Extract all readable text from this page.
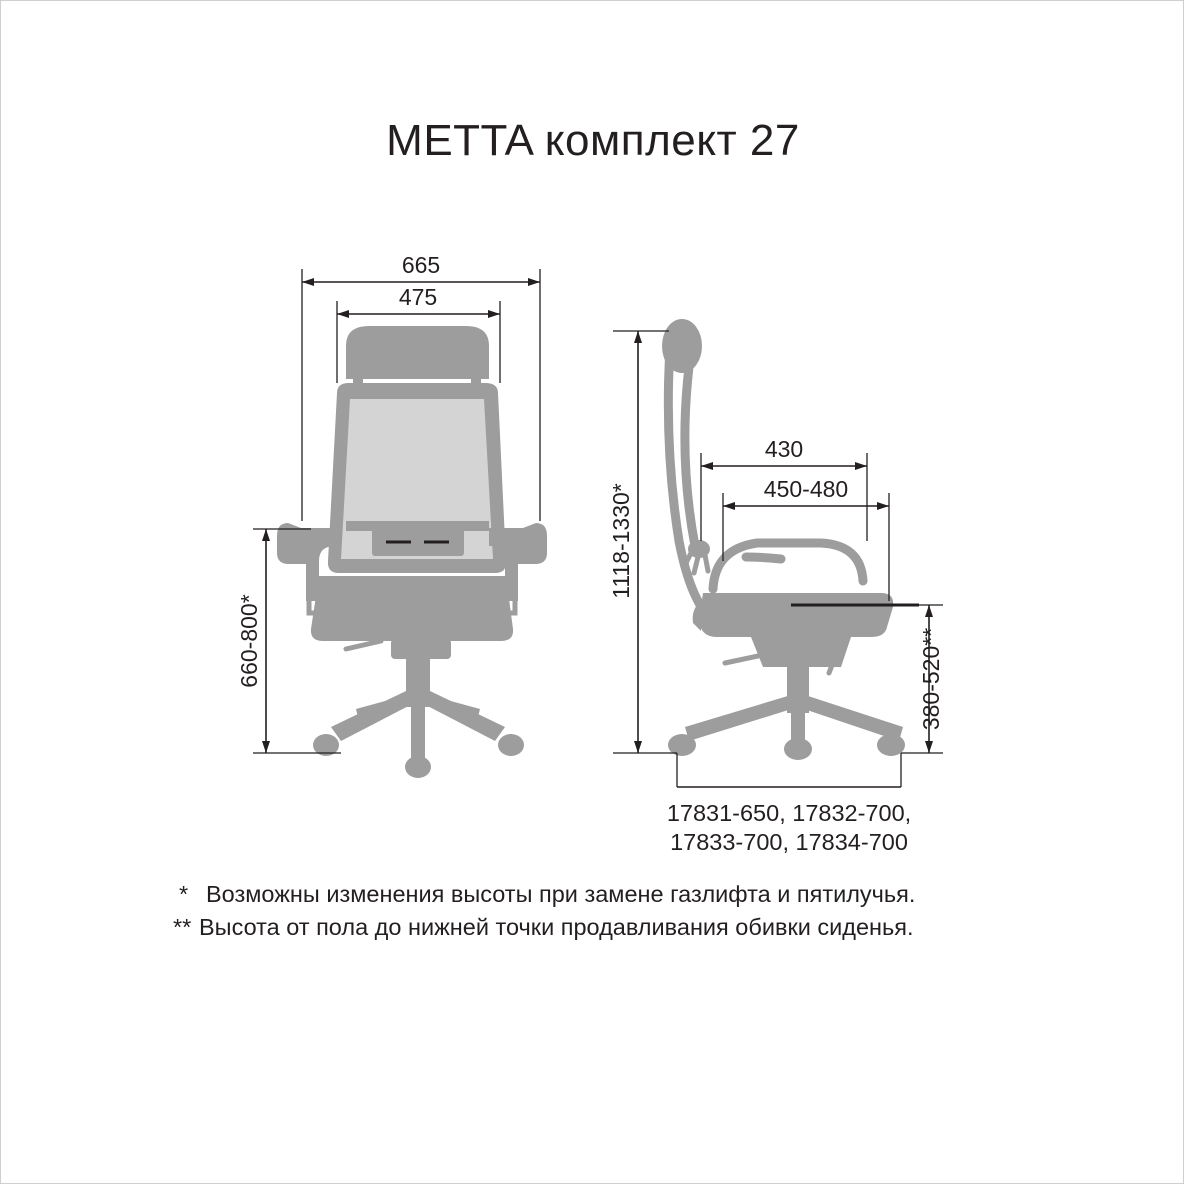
METTA комплект 27
665
475
660-800*
1118-1330*
430
450-480
380-520**
17831-650, 17832-700,
17833-700, 17834-700
* Возможны изменения высоты при замене газлифта и пятилучья.
** Высота от пола до нижней точки продавливания обивки сиденья.
